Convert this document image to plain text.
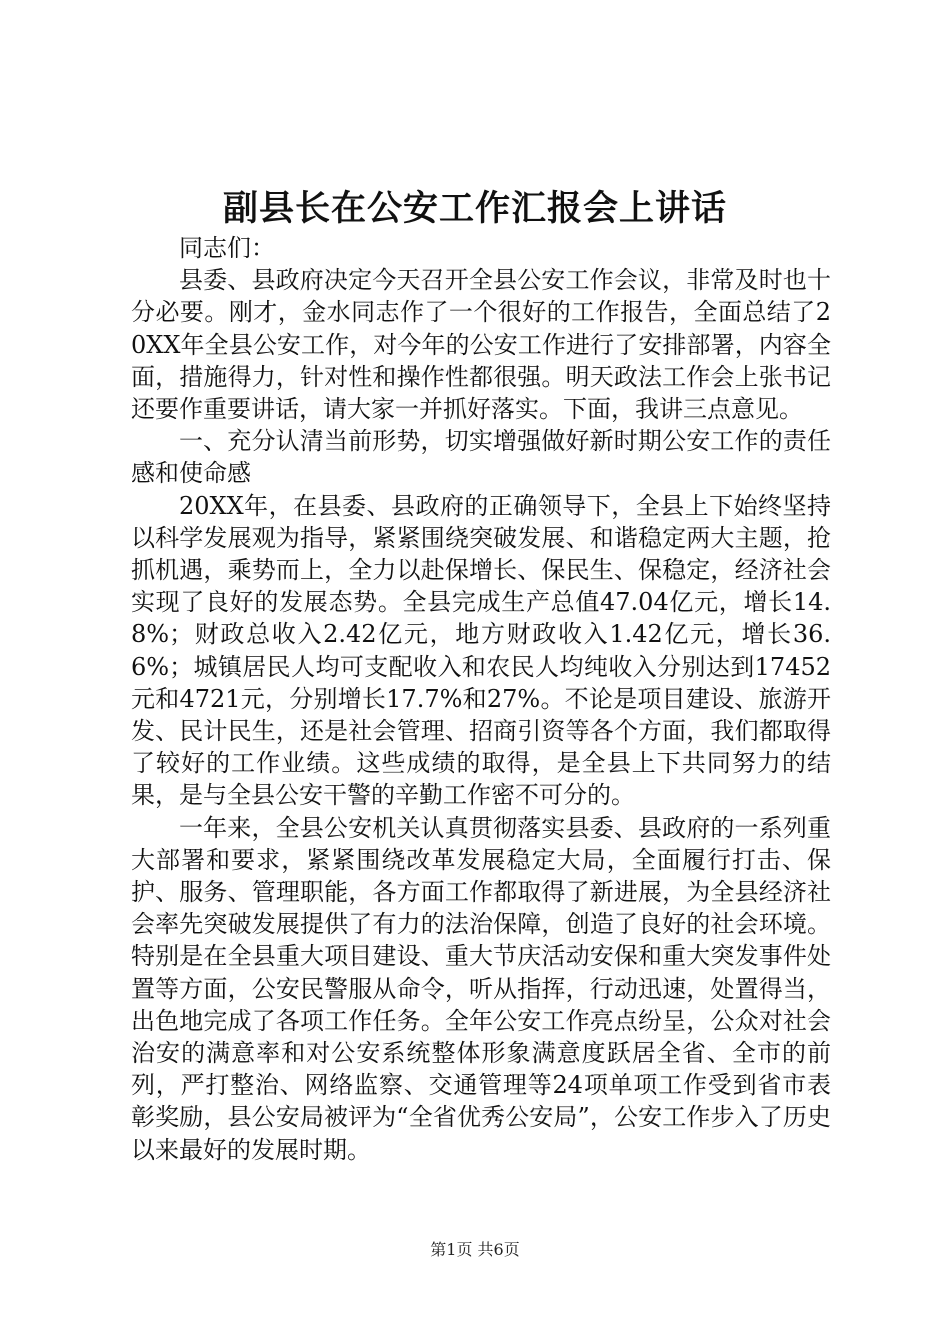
副县长在公安工作汇报会上讲话

同志们：

县委、县政府决定今天召开全县公安工作会议，非常及时也十分必要。刚才，金水同志作了一个很好的工作报告，全面总结了20XX年全县公安工作，对今年的公安工作进行了安排部署，内容全面，措施得力，针对性和操作性都很强。明天政法工作会上张书记还要作重要讲话，请大家一并抓好落实。下面，我讲三点意见。

一、充分认清当前形势，切实增强做好新时期公安工作的责任感和使命感

20XX年，在县委、县政府的正确领导下，全县上下始终坚持以科学发展观为指导，紧紧围绕突破发展、和谐稳定两大主题，抢抓机遇，乘势而上，全力以赴保增长、保民生、保稳定，经济社会实现了良好的发展态势。全县完成生产总值47.04亿元，增长14.8%；财政总收入2.42亿元，地方财政收入1.42亿元，增长36.6%；城镇居民人均可支配收入和农民人均纯收入分别达到17452元和4721元，分别增长17.7%和27%。不论是项目建设、旅游开发、民计民生，还是社会管理、招商引资等各个方面，我们都取得了较好的工作业绩。这些成绩的取得，是全县上下共同努力的结果，是与全县公安干警的辛勤工作密不可分的。

一年来，全县公安机关认真贯彻落实县委、县政府的一系列重大部署和要求，紧紧围绕改革发展稳定大局，全面履行打击、保护、服务、管理职能，各方面工作都取得了新进展，为全县经济社会率先突破发展提供了有力的法治保障，创造了良好的社会环境。特别是在全县重大项目建设、重大节庆活动安保和重大突发事件处置等方面，公安民警服从命令，听从指挥，行动迅速，处置得当，出色地完成了各项工作任务。全年公安工作亮点纷呈，公众对社会治安的满意率和对公安系统整体形象满意度跃居全省、全市的前列，严打整治、网络监察、交通管理等24项单项工作受到省市表彰奖励，县公安局被评为“全省优秀公安局”，公安工作步入了历史以来最好的发展时期。

第1页 共6页
